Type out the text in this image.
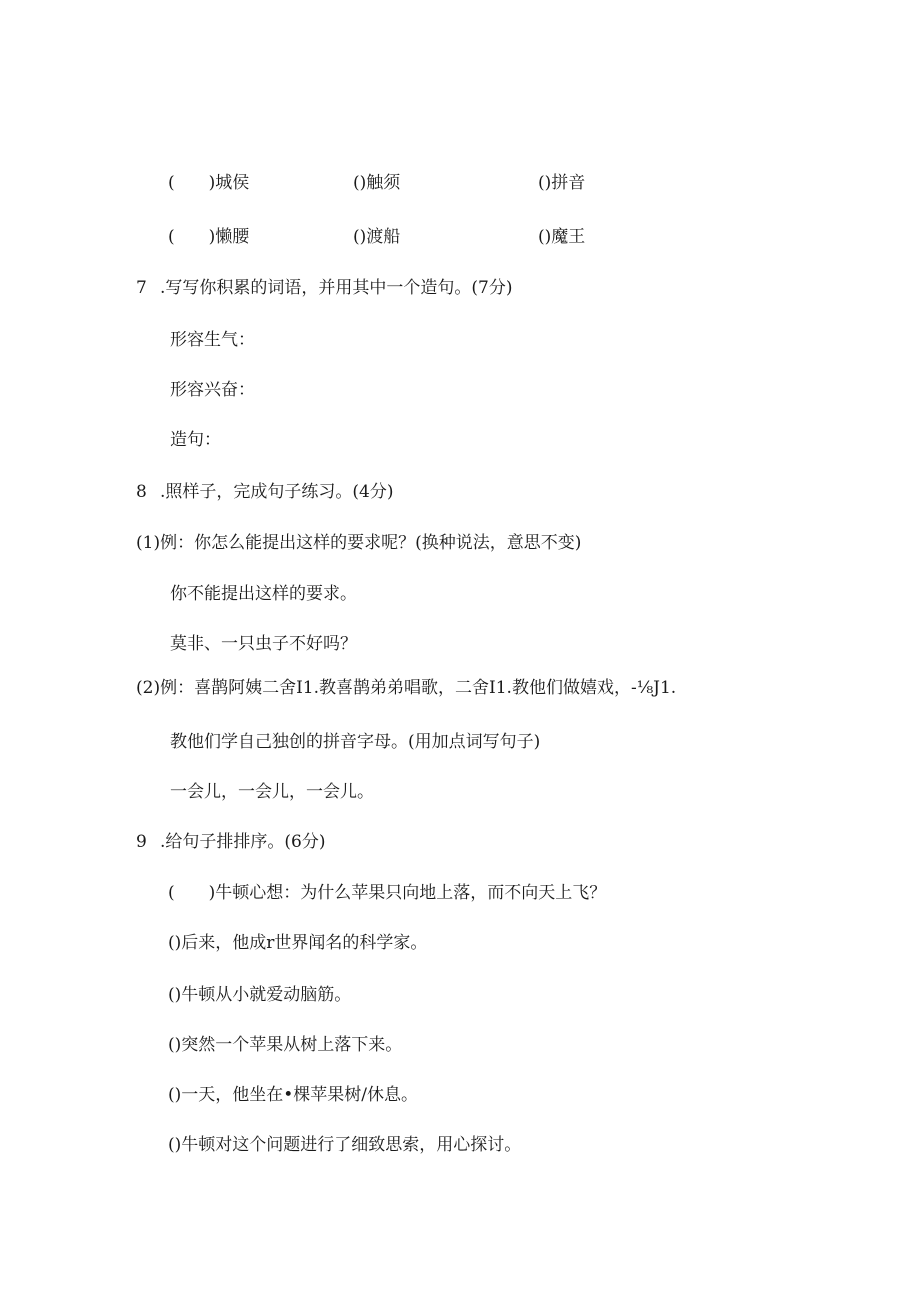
(　　)城侯	()触须	()拼音
(　　)懒腰	()渡船	()魔王
7 .写写你积累的词语，并用其中一个造句。(7分)
形容生气：
形容兴奋：
造句：
8 .照样子，完成句子练习。(4分)
(1)例：你怎么能提出这样的要求呢？(换种说法，意思不变)
你不能提出这样的要求。
莫非、一只虫子不好吗？
(2)例：喜鹊阿姨二舍I1.教喜鹊弟弟唱歌，二舍I1.教他们做嬉戏，-⅛J1.
教他们学自己独创的拼音字母。(用加点词写句子)
一会儿，一会儿，一会儿。
9 .给句子排排序。(6分)
(　　)牛顿心想：为什么苹果只向地上落，而不向天上飞？
()后来，他成r世界闻名的科学家。
()牛顿从小就爱动脑筋。
()突然一个苹果从树上落下来。
()一天，他坐在•棵苹果树/休息。
()牛顿对这个问题进行了细致思索，用心探讨。
